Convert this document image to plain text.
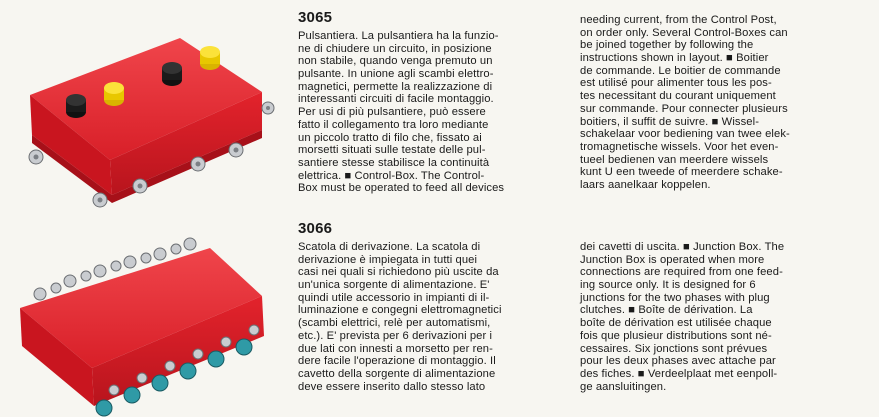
3065
Pulsantiera. La pulsantiera ha la funzio-
ne di chiudere un circuito, in posizione
non stabile, quando venga premuto un
pulsante. In unione agli scambi elettro-
magnetici, permette la realizzazione di
interessanti circuiti di facile montaggio.
Per usi di più pulsantiere, può essere
fatto il collegamento tra loro mediante
un piccolo tratto di filo che, fissato ai
morsetti situati sulle testate delle pul-
santiere stesse stabilisce la continuità
elettrica. ■ Control-Box. The Control-
Box must be operated to feed all devices
needing current, from the Control Post,
on order only. Several Control-Boxes can
be joined together by following the
instructions shown in layout. ■ Boitier
de commande. Le boitier de commande
est utilisé pour alimenter tous les pos-
tes necessitant du courant uniquement
sur commande. Pour connecter plusieurs
boitiers, il suffit de suivre. ■ Wissel-
schakelaar voor bediening van twee elek-
tromagnetische wissels. Voor het even-
tueel bedienen van meerdere wissels
kunt U een tweede of meerdere schake-
laars aanelkaar koppelen.
3066
Scatola di derivazione. La scatola di
derivazione è impiegata in tutti quei
casi nei quali si richiedono più uscite da
un'unica sorgente di alimentazione. E'
quindi utile accessorio in impianti di il-
luminazione e congegni elettromagnetici
(scambi elettrici, relè per automatismi,
etc.). E' prevista per 6 derivazioni per i
due lati con innesti a morsetto per ren-
dere facile l'operazione di montaggio. Il
cavetto della sorgente di alimentazione
deve essere inserito dallo stesso lato
dei cavetti di uscita. ■ Junction Box. The
Junction Box is operated when more
connections are required from one feed-
ing source only. It is designed for 6
junctions for the two phases with plug
clutches. ■ Boîte de dérivation. La
boîte de dérivation est utilisée chaque
fois que plusieur distributions sont né-
cessaires. Six jonctions sont prévues
pour les deux phases avec attache par
des fiches. ■ Verdeelplaat met eenpoll-
ge aansluitingen.
